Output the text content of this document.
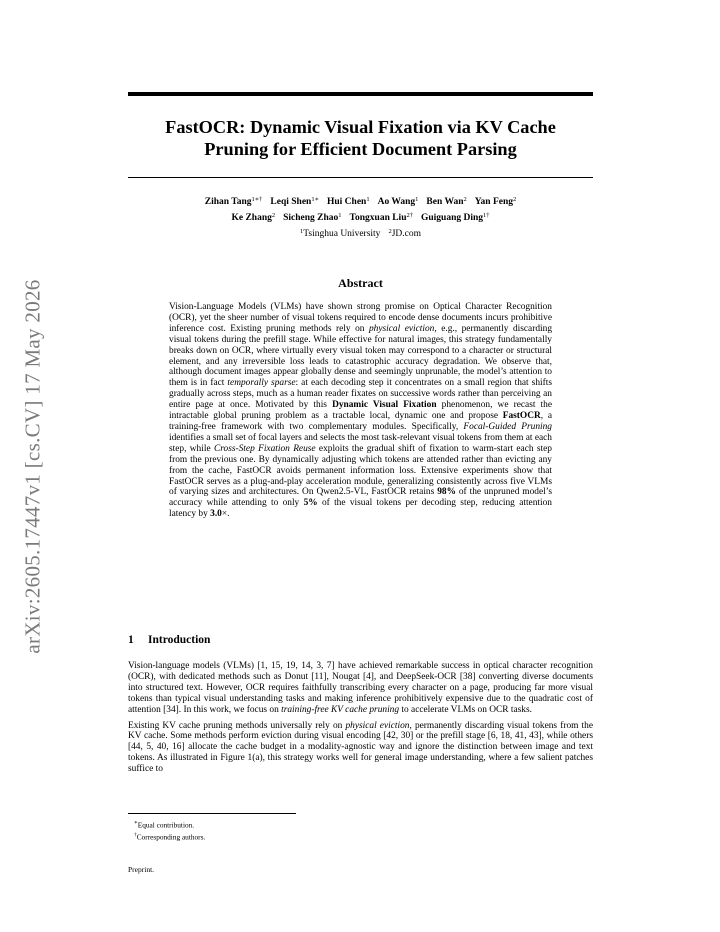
arXiv:2605.17447v1 [cs.CV] 17 May 2026
FastOCR: Dynamic Visual Fixation via KV Cache
Pruning for Efficient Document Parsing
Zihan Tang$^{1∗\dagger}$ Leqi Shen$^{1∗}$ Hui Chen$^1$ Ao Wang$^1$ Ben Wan$^2$ Yan Feng$^2$
Ke Zhang$^2$ Sicheng Zhao$^1$ Tongxuan Liu$^{2\dagger}$ Guiguang Ding$^{1\dagger}$
$^1$Tsinghua University $^2$JD.com
Abstract
Vision-Language Models (VLMs) have shown strong promise on Optical Character Recognition (OCR), yet the sheer number of visual tokens required to encode dense documents incurs prohibitive inference cost. Existing pruning methods rely on physical eviction, e.g., permanently discarding visual tokens during the prefill stage. While effective for natural images, this strategy fundamentally breaks down on OCR, where virtually every visual token may correspond to a character or structural element, and any irreversible loss leads to catastrophic accuracy degradation. We observe that, although document images appear globally dense and seemingly unprunable, the model’s attention to them is in fact temporally sparse: at each decoding step it concentrates on a small region that shifts gradually across steps, much as a human reader fixates on successive words rather than perceiving an entire page at once. Motivated by this Dynamic Visual Fixation phenomenon, we recast the intractable global pruning problem as a tractable local, dynamic one and propose FastOCR, a training-free framework with two complementary modules. Specifically, Focal-Guided Pruning identifies a small set of focal layers and selects the most task-relevant visual tokens from them at each step, while Cross-Step Fixation Reuse exploits the gradual shift of fixation to warm-start each step from the previous one. By dynamically adjusting which tokens are attended rather than evicting any from the cache, FastOCR avoids permanent information loss. Extensive experiments show that FastOCR serves as a plug-and-play acceleration module, generalizing consistently across five VLMs of varying sizes and architectures. On Qwen2.5-VL, FastOCR retains 98% of the unpruned model’s accuracy while attending to only 5% of the visual tokens per decoding step, reducing attention latency by 3.0×.
1 Introduction

Vision-language models (VLMs) [1, 15, 19, 14, 3, 7] have achieved remarkable success in optical character recognition (OCR), with dedicated methods such as Donut [11], Nougat [4], and DeepSeek-OCR [38] converting diverse documents into structured text. However, OCR requires faithfully transcribing every character on a page, producing far more visual tokens than typical visual understanding tasks and making inference prohibitively expensive due to the quadratic cost of attention [34]. In this work, we focus on training-free KV cache pruning to accelerate VLMs on OCR tasks.

Existing KV cache pruning methods universally rely on physical eviction, permanently discarding visual tokens from the KV cache. Some methods perform eviction during visual encoding [42, 30] or the prefill stage [6, 18, 41, 43], while others [44, 5, 40, 16] allocate the cache budget in a modality-agnostic way and ignore the distinction between image and text tokens. As illustrated in Figure 1(a), this strategy works well for general image understanding, where a few salient patches suffice to

∗Equal contribution.
†Corresponding authors.
Preprint.
